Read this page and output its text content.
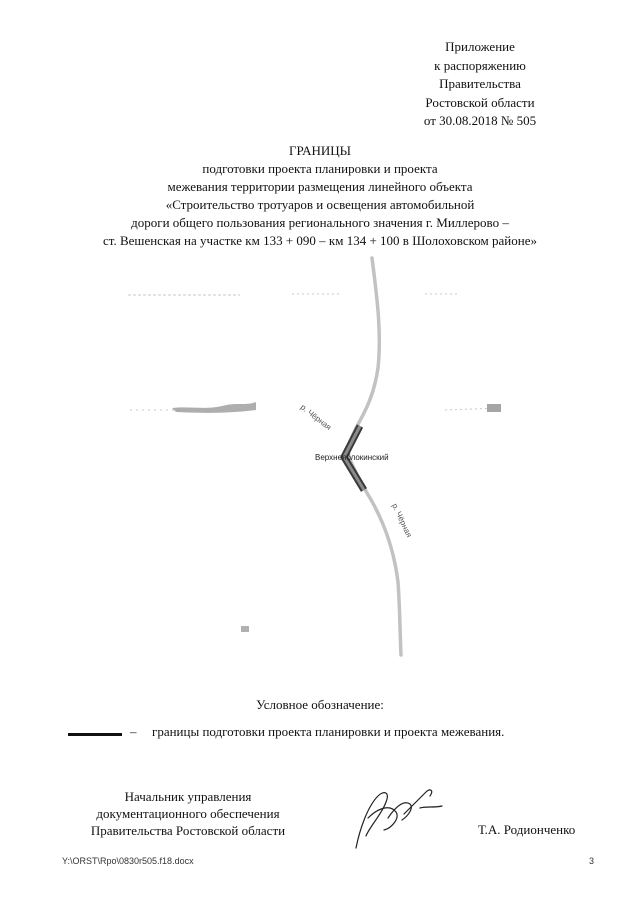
Приложение
к распоряжению
Правительства
Ростовской области
от 30.08.2018 № 505
ГРАНИЦЫ
подготовки проекта планировки и проекта
межевания территории размещения линейного объекта
«Строительство тротуаров и освещения автомобильной
дороги общего пользования регионального значения г. Миллерово –
ст. Вешенская на участке км 133 + 090 – км 134 + 100 в Шолоховском районе»
р. Чёрная
р. Чёрная
Верхнеяблокинский
Условное обозначение:
– границы подготовки проекта планировки и проекта межевания.
Начальник управления
документационного обеспечения
Правительства Ростовской области	Т.А. Родионченко
Y:\ORST\Rpo\0830r505.f18.docx	3
